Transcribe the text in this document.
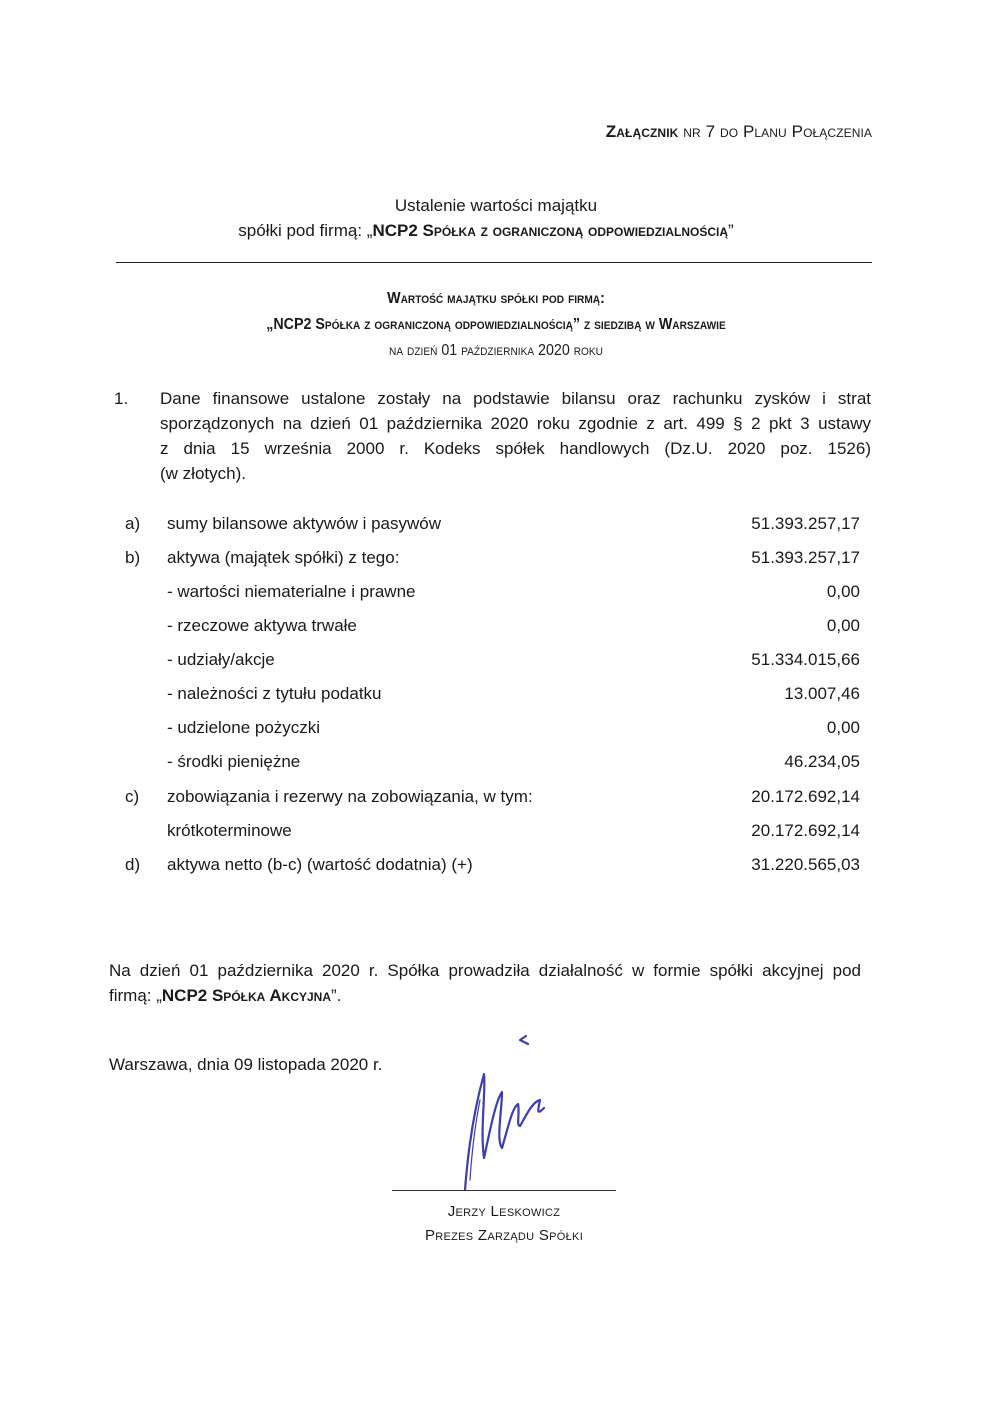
Załącznik nr 7 do Planu Połączenia
Ustalenie wartości majątku
spółki pod firmą: „NCP2 Spółka z ograniczoną odpowiedzialnością”
Wartość majątku spółki pod firmą:
„NCP2 Spółka z ograniczoną odpowiedzialnością” z siedzibą w Warszawie
na dzień 01 października 2020 roku
1. Dane finansowe ustalone zostały na podstawie bilansu oraz rachunku zysków i strat
sporządzonych na dzień 01 października 2020 roku zgodnie z art. 499 § 2 pkt 3 ustawy
z dnia 15 września 2000 r. Kodeks spółek handlowych (Dz.U. 2020 poz. 1526)
(w złotych).
a) sumy bilansowe aktywów i pasywów	51.393.257,17
b) aktywa (majątek spółki) z tego:	51.393.257,17
- wartości niematerialne i prawne	0,00
- rzeczowe aktywa trwałe	0,00
- udziały/akcje	51.334.015,66
- należności z tytułu podatku	13.007,46
- udzielone pożyczki	0,00
- środki pieniężne	46.234,05
c) zobowiązania i rezerwy na zobowiązania, w tym:	20.172.692,14
krótkoterminowe	20.172.692,14
d) aktywa netto (b-c) (wartość dodatnia) (+)	31.220.565,03
Na dzień 01 października 2020 r. Spółka prowadziła działalność w formie spółki akcyjnej pod
firmą: „NCP2 Spółka Akcyjna”.
Warszawa, dnia 09 listopada 2020 r.
Jerzy Leskowicz
Prezes Zarządu Spółki
